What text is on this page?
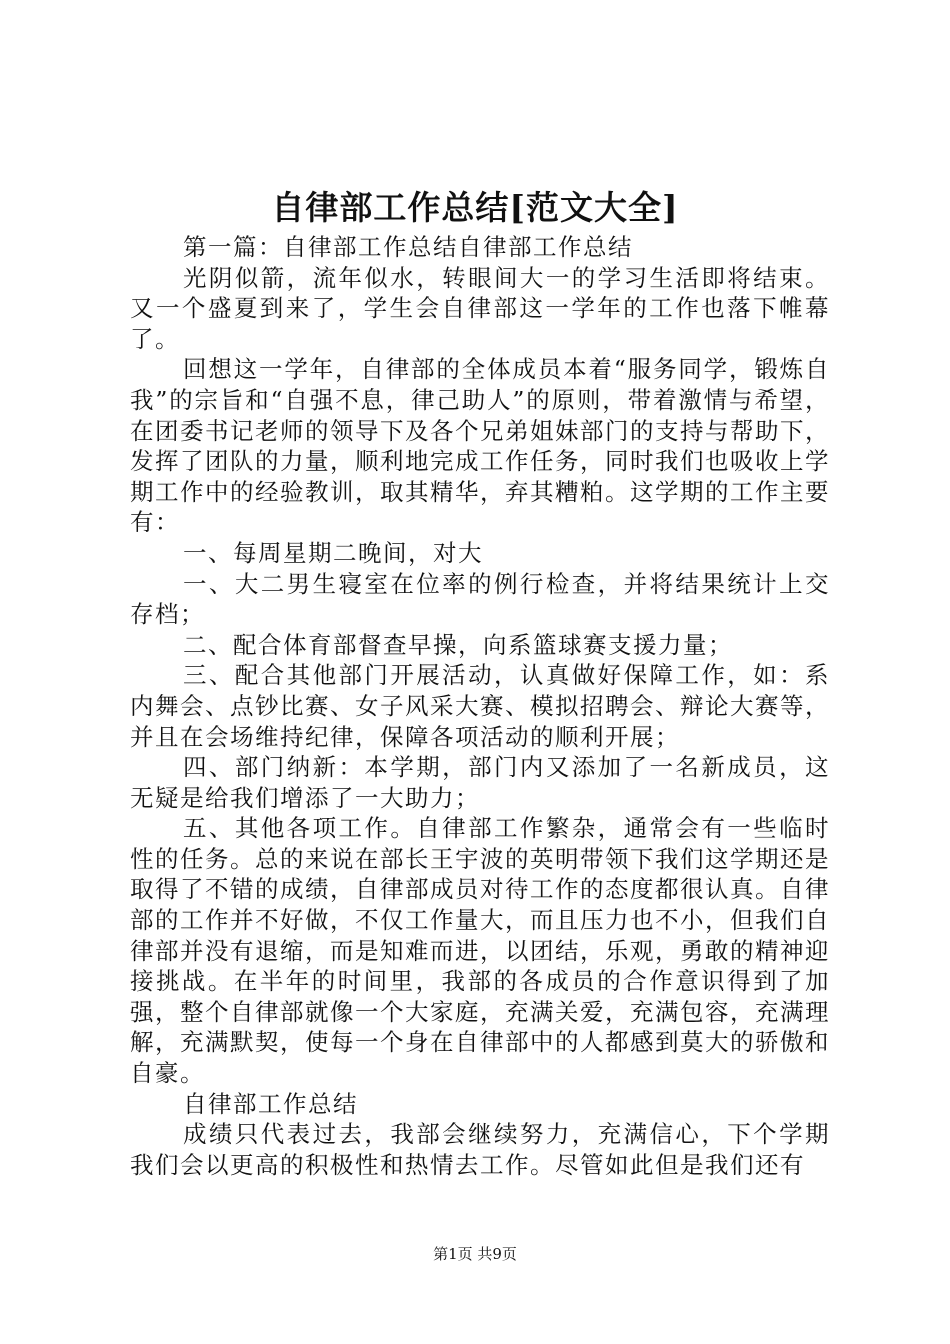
自律部工作总结[范文大全]

第一篇：自律部工作总结自律部工作总结

光阴似箭，流年似水，转眼间大一的学习生活即将结束。又一个盛夏到来了，学生会自律部这一学年的工作也落下帷幕了。

回想这一学年，自律部的全体成员本着“服务同学，锻炼自我”的宗旨和“自强不息，律己助人”的原则，带着激情与希望，在团委书记老师的领导下及各个兄弟姐妹部门的支持与帮助下，发挥了团队的力量，顺利地完成工作任务，同时我们也吸收上学期工作中的经验教训，取其精华，弃其糟粕。这学期的工作主要有：

一、每周星期二晚间，对大

一、大二男生寝室在位率的例行检查，并将结果统计上交存档；

二、配合体育部督查早操，向系篮球赛支援力量；

三、配合其他部门开展活动，认真做好保障工作，如：系内舞会、点钞比赛、女子风采大赛、模拟招聘会、辩论大赛等，并且在会场维持纪律，保障各项活动的顺利开展；

四、部门纳新：本学期，部门内又添加了一名新成员，这无疑是给我们增添了一大助力；

五、其他各项工作。自律部工作繁杂，通常会有一些临时性的任务。总的来说在部长王宇波的英明带领下我们这学期还是取得了不错的成绩，自律部成员对待工作的态度都很认真。自律部的工作并不好做，不仅工作量大，而且压力也不小，但我们自律部并没有退缩，而是知难而进，以团结，乐观，勇敢的精神迎接挑战。在半年的时间里，我部的各成员的合作意识得到了加强，整个自律部就像一个大家庭，充满关爱，充满包容，充满理解，充满默契，使每一个身在自律部中的人都感到莫大的骄傲和自豪。

自律部工作总结

成绩只代表过去，我部会继续努力，充满信心，下个学期我们会以更高的积极性和热情去工作。尽管如此但是我们还有

第1页 共9页
